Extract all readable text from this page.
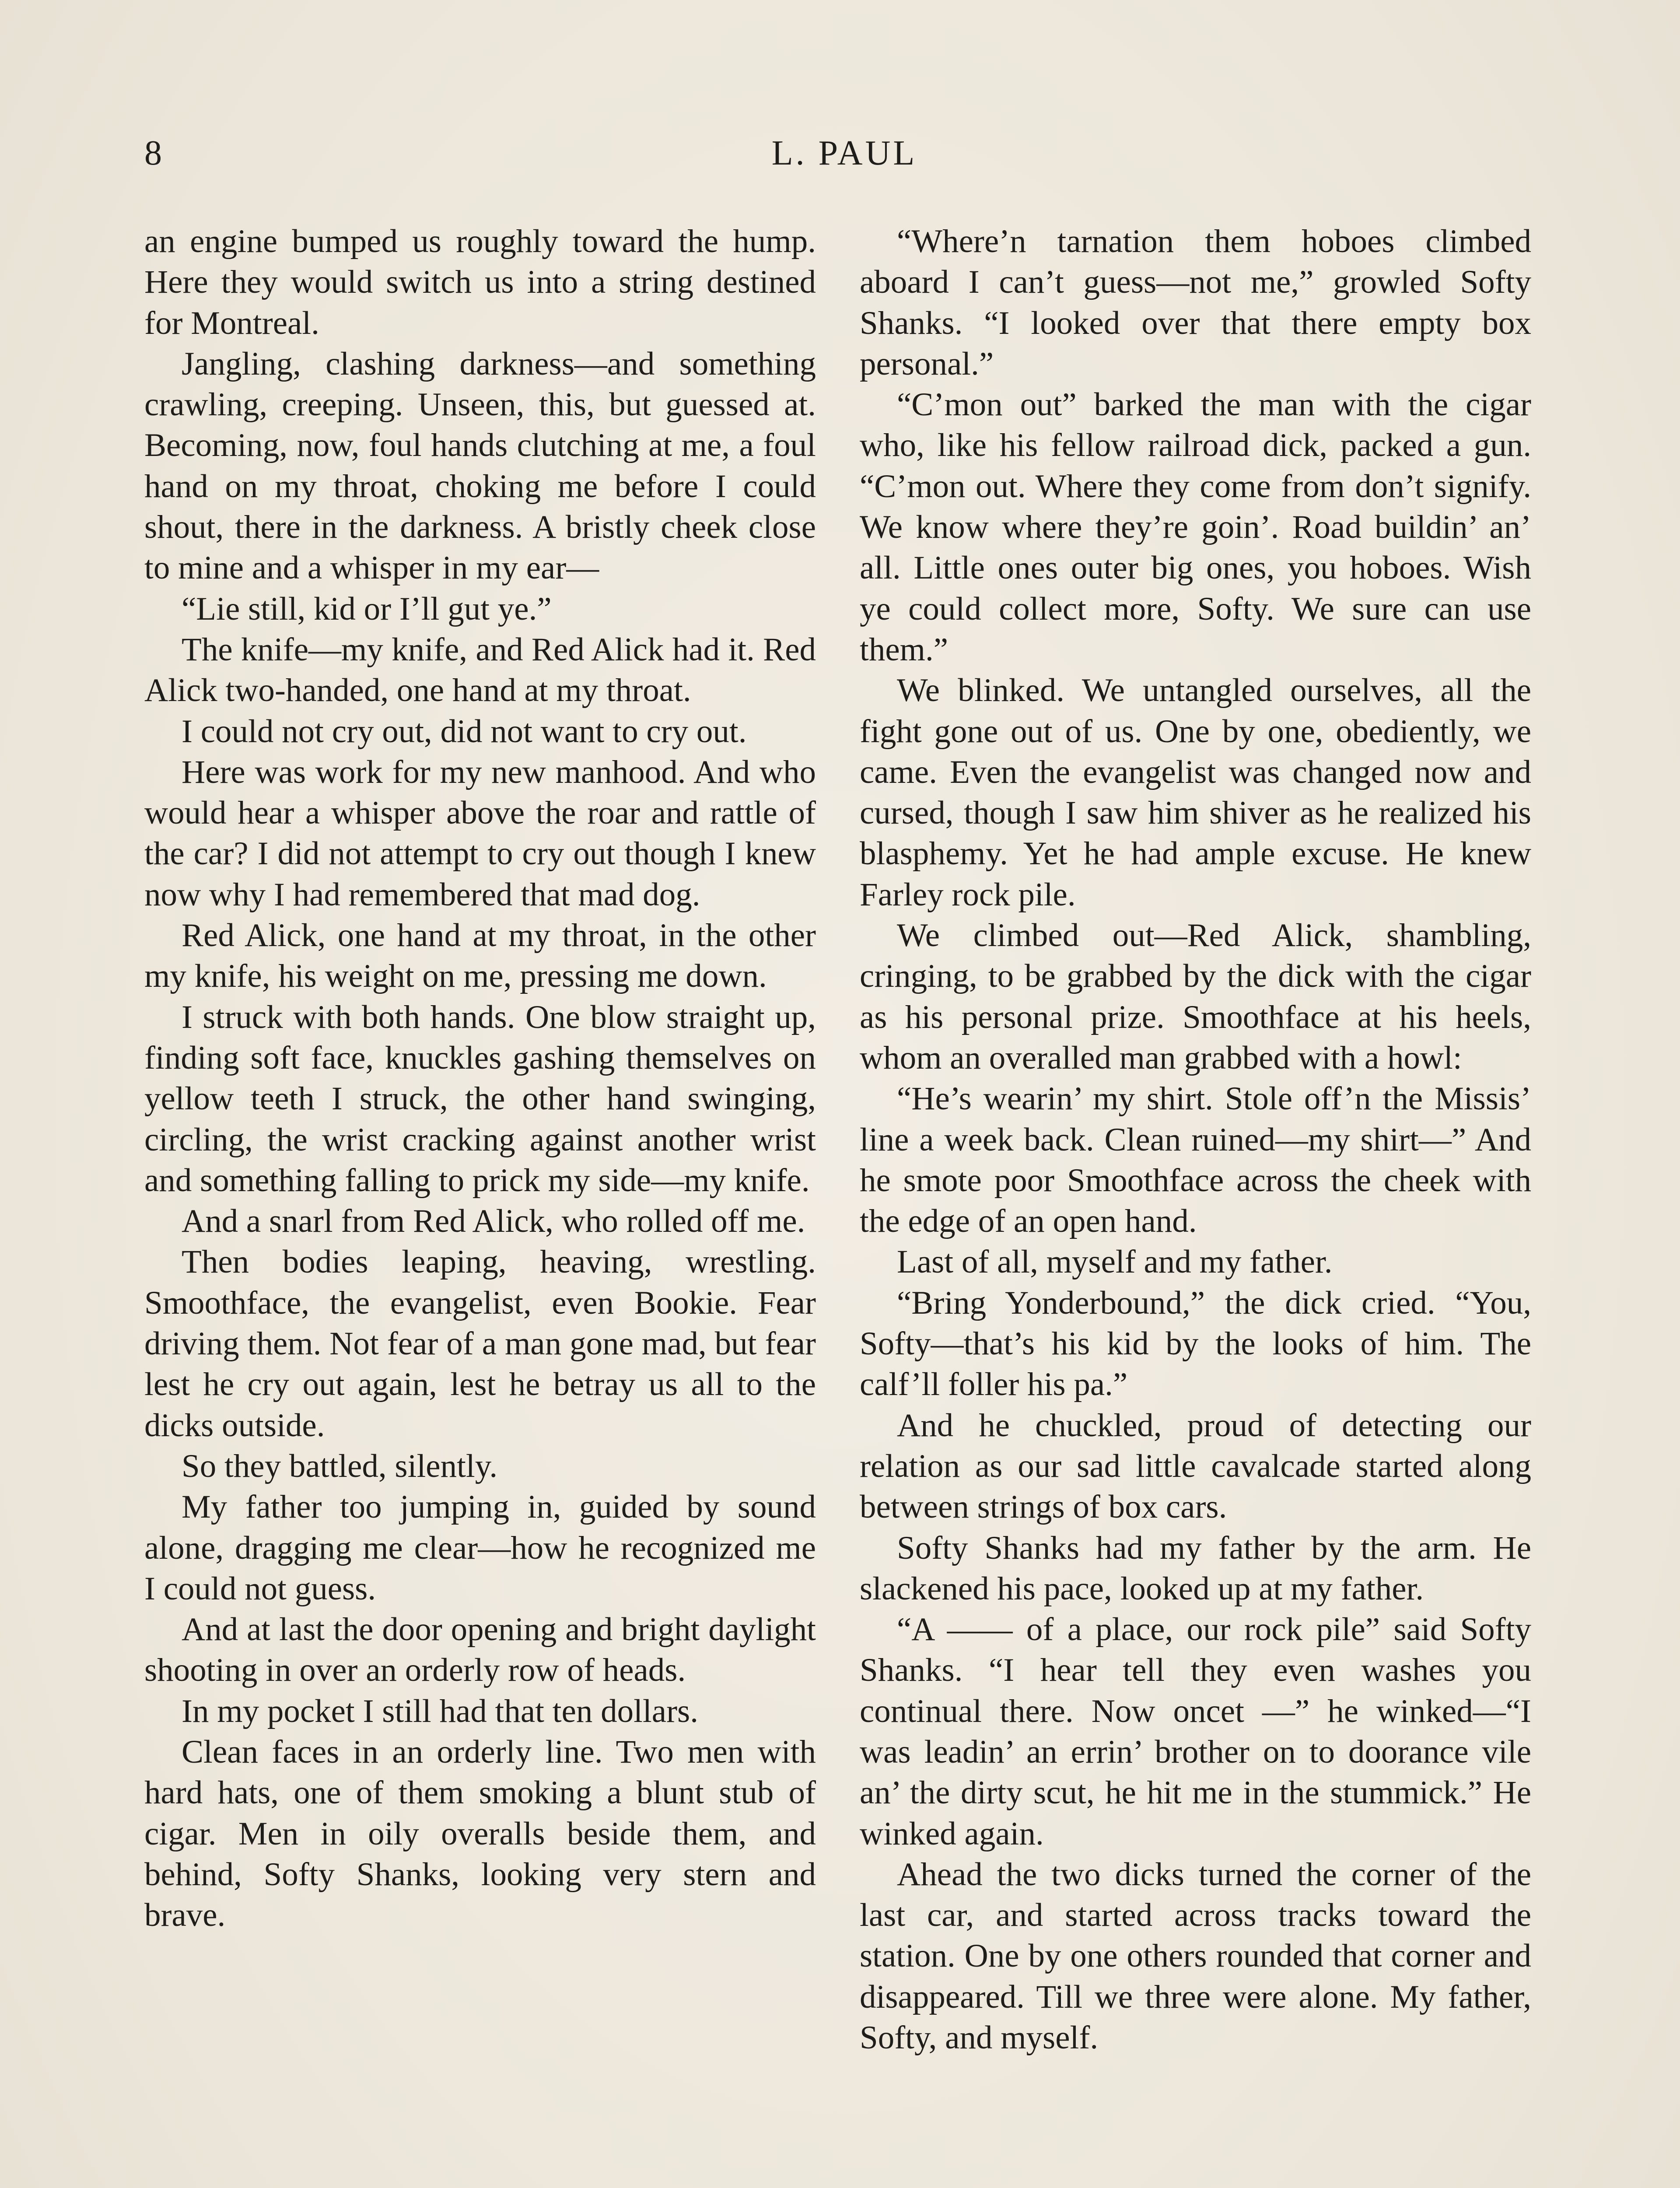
8	L. PAUL

an engine bumped us roughly toward the hump. Here they would switch us into a string destined for Montreal.

Jangling, clashing darkness—and something crawling, creeping. Unseen, this, but guessed at. Becoming, now, foul hands clutching at me, a foul hand on my throat, choking me before I could shout, there in the darkness. A bristly cheek close to mine and a whisper in my ear—

“Lie still, kid or I’ll gut ye.”

The knife—my knife, and Red Alick had it. Red Alick two-handed, one hand at my throat.

I could not cry out, did not want to cry out.

Here was work for my new manhood. And who would hear a whisper above the roar and rattle of the car? I did not attempt to cry out though I knew now why I had remembered that mad dog.

Red Alick, one hand at my throat, in the other my knife, his weight on me, pressing me down.

I struck with both hands. One blow straight up, finding soft face, knuckles gashing themselves on yellow teeth I struck, the other hand swinging, circling, the wrist cracking against another wrist and something falling to prick my side—my knife.

And a snarl from Red Alick, who rolled off me.

Then bodies leaping, heaving, wrestling. Smoothface, the evangelist, even Bookie. Fear driving them. Not fear of a man gone mad, but fear lest he cry out again, lest he betray us all to the dicks outside.

So they battled, silently.

My father too jumping in, guided by sound alone, dragging me clear—how he recognized me I could not guess.

And at last the door opening and bright daylight shooting in over an orderly row of heads.

In my pocket I still had that ten dollars.

Clean faces in an orderly line. Two men with hard hats, one of them smoking a blunt stub of cigar. Men in oily overalls beside them, and behind, Softy Shanks, looking very stern and brave.

“Where’n tarnation them hoboes climbed aboard I can’t guess—not me,” growled Softy Shanks. “I looked over that there empty box personal.”

“C’mon out” barked the man with the cigar who, like his fellow railroad dick, packed a gun. “C’mon out. Where they come from don’t signify. We know where they’re goin’. Road buildin’ an’ all. Little ones outer big ones, you hoboes. Wish ye could collect more, Softy. We sure can use them.”

We blinked. We untangled ourselves, all the fight gone out of us. One by one, obediently, we came. Even the evangelist was changed now and cursed, though I saw him shiver as he realized his blasphemy. Yet he had ample excuse. He knew Farley rock pile.

We climbed out—Red Alick, shambling, cringing, to be grabbed by the dick with the cigar as his personal prize. Smoothface at his heels, whom an overalled man grabbed with a howl:

“He’s wearin’ my shirt. Stole off’n the Missis’ line a week back. Clean ruined—my shirt—” And he smote poor Smoothface across the cheek with the edge of an open hand.

Last of all, myself and my father.

“Bring Yonderbound,” the dick cried. “You, Softy—that’s his kid by the looks of him. The calf’ll foller his pa.”

And he chuckled, proud of detecting our relation as our sad little cavalcade started along between strings of box cars.

Softy Shanks had my father by the arm. He slackened his pace, looked up at my father.

“A —— of a place, our rock pile” said Softy Shanks. “I hear tell they even washes you continual there. Now oncet —” he winked—“I was leadin’ an errin’ brother on to doorance vile an’ the dirty scut, he hit me in the stummick.” He winked again.

Ahead the two dicks turned the corner of the last car, and started across tracks toward the station. One by one others rounded that corner and disappeared. Till we three were alone. My father, Softy, and myself.
